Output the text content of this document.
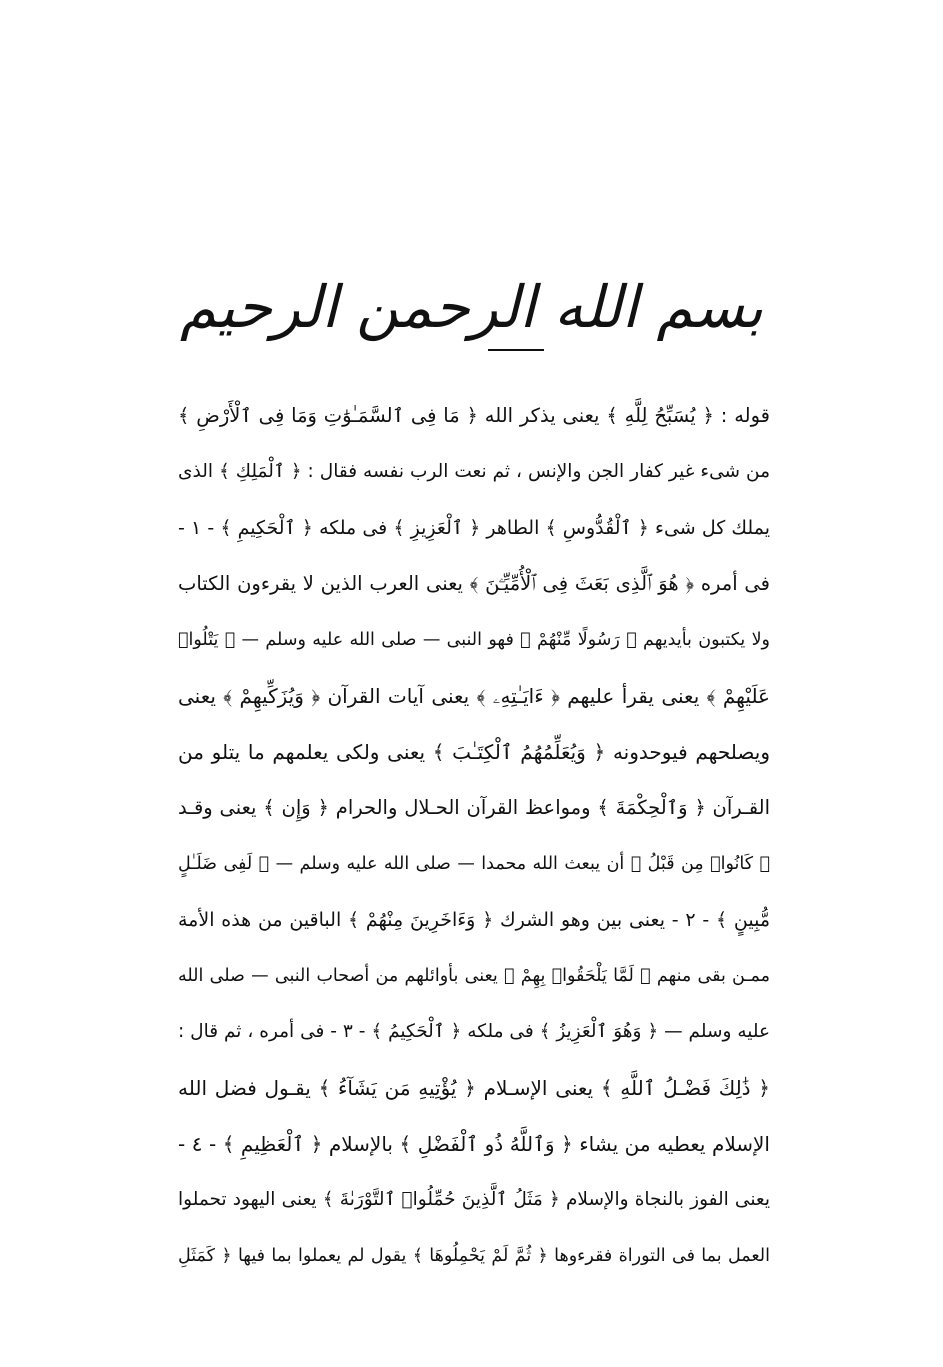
بسم الله الرحمن الرحيم
قوله : ﴿ يُسَبِّحُ لِلَّهِ ﴾ يعنى يذكر الله ﴿ مَا فِى ٱلسَّمَـٰوَٰتِ وَمَا فِى ٱلْأَرْضِ ﴾
من شىء غير كفار الجن والإنس ، ثم نعت الرب نفسه فقال : ﴿ ٱلْمَلِكِ ﴾ الذى
يملك كل شىء ﴿ ٱلْقُدُّوسِ ﴾ الطاهر ﴿ ٱلْعَزِيزِ ﴾ فى ملكه ﴿ ٱلْحَكِيمِ ﴾ - ١ -
فى أمره ﴿ هُوَ ٱلَّذِى بَعَثَ فِى ٱلْأُمِّيِّـۧنَ ﴾ يعنى العرب الذين لا يقرءون الكتاب
ولا يكتبون بأيديهم ﴿ رَسُولًا مِّنْهُمْ ﴾ فهو النبى — صلى الله عليه وسلم — ﴿ يَتْلُوا۟
عَلَيْهِمْ ﴾ يعنى يقرأ عليهم ﴿ ءَايَـٰتِهِۦ ﴾ يعنى آيات القرآن ﴿ وَيُزَكِّيهِمْ ﴾ يعنى
ويصلحهم فيوحدونه ﴿ وَيُعَلِّمُهُمُ ٱلْكِتَـٰبَ ﴾ يعنى ولكى يعلمهم ما يتلو من
القـرآن ﴿ وَٱلْحِكْمَةَ ﴾ ومواعظ القرآن الحـلال والحرام ﴿ وَإِن ﴾ يعنى وقـد
﴿ كَانُوا۟ مِن قَبْلُ ﴾ أن يبعث الله محمدا — صلى الله عليه وسلم — ﴿ لَفِى ضَلَـٰلٍ
مُّبِينٍ ﴾ - ٢ - يعنى بين وهو الشرك ﴿ وَءَاخَرِينَ مِنْهُمْ ﴾ الباقين من هذه الأمة
ممـن بقى منهم ﴿ لَمَّا يَلْحَقُوا۟ بِهِمْ ﴾ يعنى بأوائلهم من أصحاب النبى — صلى الله
عليه وسلم — ﴿ وَهُوَ ٱلْعَزِيزُ ﴾ فى ملكه ﴿ ٱلْحَكِيمُ ﴾ - ٣ - فى أمره ، ثم قال :
﴿ ذَٰلِكَ فَضْـلُ ٱللَّهِ ﴾ يعنى الإسـلام ﴿ يُؤْتِيهِ مَن يَشَآءُ ﴾ يقـول فضل الله
الإسلام يعطيه من يشاء ﴿ وَٱللَّهُ ذُو ٱلْفَضْلِ ﴾ بالإسلام ﴿ ٱلْعَظِيمِ ﴾ - ٤ -
يعنى الفوز بالنجاة والإسلام ﴿ مَثَلُ ٱلَّذِينَ حُمِّلُوا۟ ٱلتَّوْرَىٰةَ ﴾ يعنى اليهود تحملوا
العمل بما فى التوراة فقرءوها ﴿ ثُمَّ لَمْ يَحْمِلُوهَا ﴾ يقول لم يعملوا بما فيها ﴿ كَمَثَلِ
